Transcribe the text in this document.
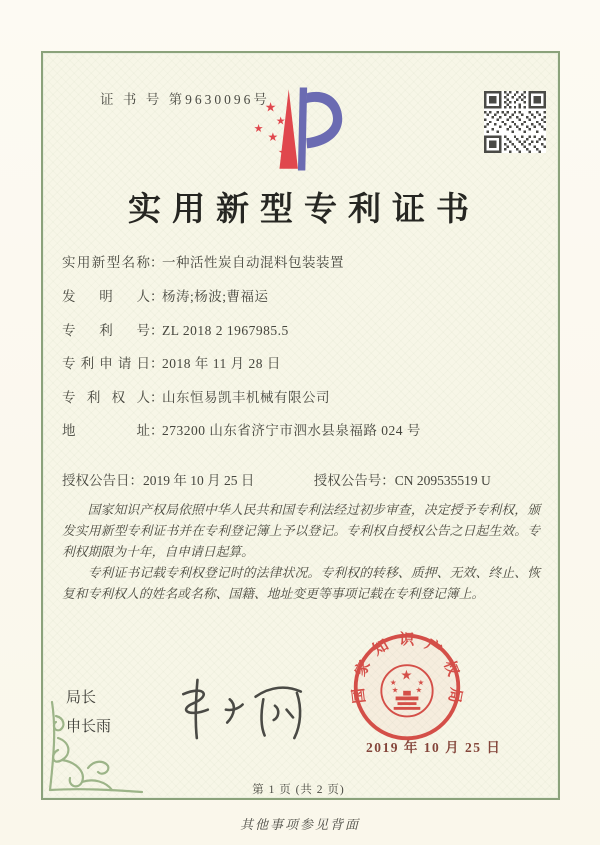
证 书 号 第9630096号
★
★
★
★
★
实用新型专利证书
实用新型名称：一种活性炭自动混料包装装置
发明人：杨涛;杨波;曹福运
专利号：ZL 2018 2 1967985.5
专利申请日：2018 年 11 月 28 日
专利权人：山东恒易凯丰机械有限公司
地址：273200 山东省济宁市泗水县泉福路 024 号
授权公告日：2019 年 10 月 25 日	授权公告号：CN 209535519 U

国家知识产权局依照中华人民共和国专利法经过初步审查，决定授予专利权，颁发实用新型专利证书并在专利登记簿上予以登记。专利权自授权公告之日起生效。专利权期限为十年，自申请日起算。

专利证书记载专利权登记时的法律状况。专利权的转移、质押、无效、终止、恢复和专利权人的姓名或名称、国籍、地址变更等事项记载在专利登记簿上。

局长
申长雨
国家知识产权局
★
★	★
★ ★
2019 年 10 月 25 日
第 1 页 (共 2 页)
其他事项参见背面
